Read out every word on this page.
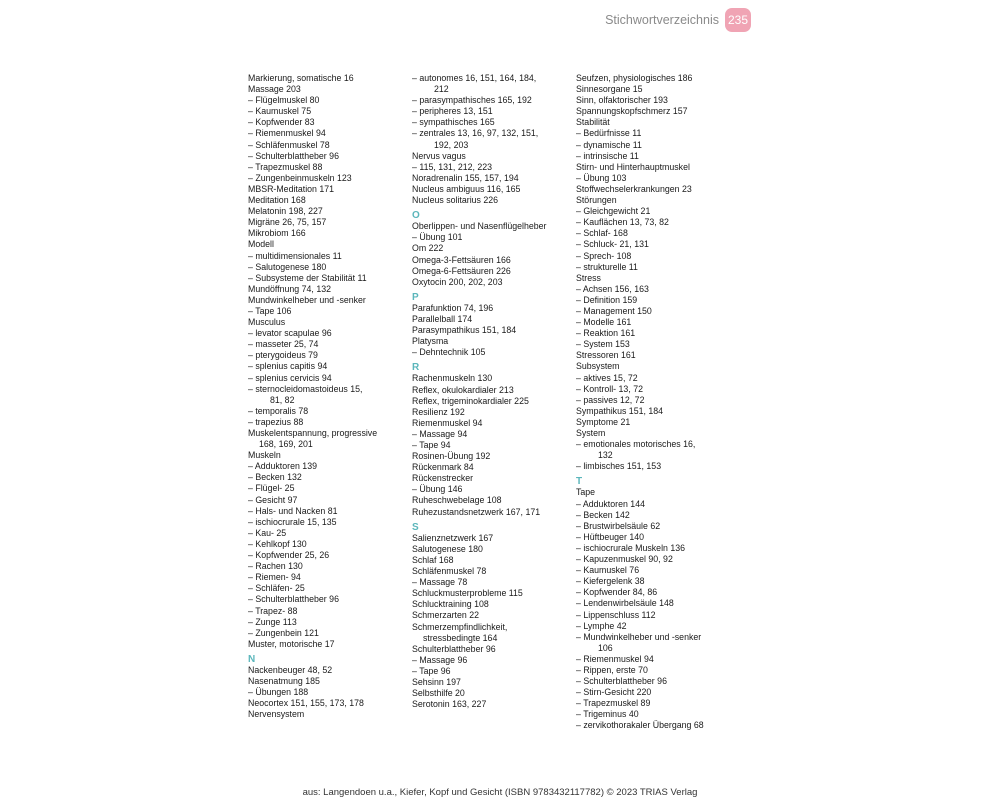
Stichwortverzeichnis 235
Markierung, somatische 16
Massage 203
– Flügelmuskel 80
– Kaumuskel 75
– Kopfwender 83
– Riemenmuskel 94
– Schläfenmuskel 78
– Schulterblattheber 96
– Trapezmuskel 88
– Zungenbeinmuskeln 123
MBSR-Meditation 171
Meditation 168
Melatonin 198, 227
Migräne 26, 75, 157
Mikrobiom 166
Modell
– multidimensionales 11
– Salutogenese 180
– Subsysteme der Stabilität 11
Mundöffnung 74, 132
Mundwinkelheber und -senker
– Tape 106
Musculus
– levator scapulae 96
– masseter 25, 74
– pterygoideus 79
– splenius capitis 94
– splenius cervicis 94
– sternocleidomastoideus 15,
81, 82
– temporalis 78
– trapezius 88
Muskelentspannung, progressive
168, 169, 201
Muskeln
– Adduktoren 139
– Becken 132
– Flügel- 25
– Gesicht 97
– Hals- und Nacken 81
– ischiocrurale 15, 135
– Kau- 25
– Kehlkopf 130
– Kopfwender 25, 26
– Rachen 130
– Riemen- 94
– Schläfen- 25
– Schulterblattheber 96
– Trapez- 88
– Zunge 113
– Zungenbein 121
Muster, motorische 17
N
Nackenbeuger 48, 52
Nasenatmung 185
– Übungen 188
Neocortex 151, 155, 173, 178
Nervensystem
– autonomes 16, 151, 164, 184,
212
– parasympathisches 165, 192
– peripheres 13, 151
– sympathisches 165
– zentrales 13, 16, 97, 132, 151,
192, 203
Nervus vagus
– 115, 131, 212, 223
Noradrenalin 155, 157, 194
Nucleus ambiguus 116, 165
Nucleus solitarius 226
O
Oberlippen- und Nasenflügelheber
– Übung 101
Om 222
Omega-3-Fettsäuren 166
Omega-6-Fettsäuren 226
Oxytocin 200, 202, 203
P
Parafunktion 74, 196
Parallelball 174
Parasympathikus 151, 184
Platysma
– Dehntechnik 105
R
Rachenmuskeln 130
Reflex, okulokardialer 213
Reflex, trigeminokardialer 225
Resilienz 192
Riemenmuskel 94
– Massage 94
– Tape 94
Rosinen-Übung 192
Rückenmark 84
Rückenstrecker
– Übung 146
Ruheschwebelage 108
Ruhezustandsnetzwerk 167, 171
S
Salienznetzwerk 167
Salutogenese 180
Schlaf 168
Schläfenmuskel 78
– Massage 78
Schluckmusterprobleme 115
Schlucktraining 108
Schmerzarten 22
Schmerzempfindlichkeit,
stressbedingte 164
Schulterblattheber 96
– Massage 96
– Tape 96
Sehsinn 197
Selbsthilfe 20
Serotonin 163, 227
Seufzen, physiologisches 186
Sinnesorgane 15
Sinn, olfaktorischer 193
Spannungskopfschmerz 157
Stabilität
– Bedürfnisse 11
– dynamische 11
– intrinsische 11
Stirn- und Hinterhauptmuskel
– Übung 103
Stoffwechselerkrankungen 23
Störungen
– Gleichgewicht 21
– Kauflächen 13, 73, 82
– Schlaf- 168
– Schluck- 21, 131
– Sprech- 108
– strukturelle 11
Stress
– Achsen 156, 163
– Definition 159
– Management 150
– Modelle 161
– Reaktion 161
– System 153
Stressoren 161
Subsystem
– aktives 15, 72
– Kontroll- 13, 72
– passives 12, 72
Sympathikus 151, 184
Symptome 21
System
– emotionales motorisches 16,
132
– limbisches 151, 153
T
Tape
– Adduktoren 144
– Becken 142
– Brustwirbelsäule 62
– Hüftbeuger 140
– ischiocrurale Muskeln 136
– Kapuzenmuskel 90, 92
– Kaumuskel 76
– Kiefergelenk 38
– Kopfwender 84, 86
– Lendenwirbelsäule 148
– Lippenschluss 112
– Lymphe 42
– Mundwinkelheber und -senker
106
– Riemenmuskel 94
– Rippen, erste 70
– Schulterblattheber 96
– Stirn-Gesicht 220
– Trapezmuskel 89
– Trigeminus 40
– zervikothorakaler Übergang 68
aus: Langendoen u.a., Kiefer, Kopf und Gesicht (ISBN 9783432117782) © 2023 TRIAS Verlag
